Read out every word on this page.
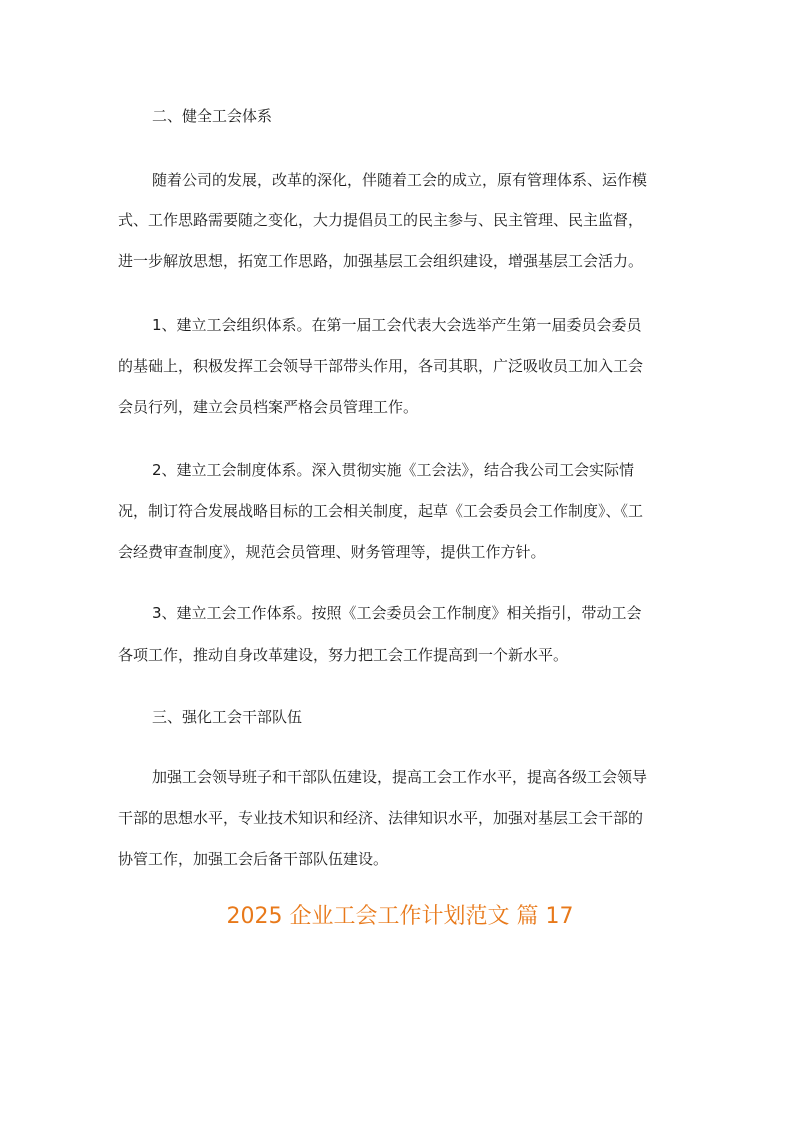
二、健全工会体系
随着公司的发展，改革的深化，伴随着工会的成立，原有管理体系、运作模
式、工作思路需要随之变化，大力提倡员工的民主参与、民主管理、民主监督，
进一步解放思想，拓宽工作思路，加强基层工会组织建设，增强基层工会活力。
1、建立工会组织体系。在第一届工会代表大会选举产生第一届委员会委员
的基础上，积极发挥工会领导干部带头作用，各司其职，广泛吸收员工加入工会
会员行列，建立会员档案严格会员管理工作。
2、建立工会制度体系。深入贯彻实施《工会法》，结合我公司工会实际情
况，制订符合发展战略目标的工会相关制度，起草《工会委员会工作制度》、《工
会经费审查制度》，规范会员管理、财务管理等，提供工作方针。
3、建立工会工作体系。按照《工会委员会工作制度》相关指引，带动工会
各项工作，推动自身改革建设，努力把工会工作提高到一个新水平。
三、强化工会干部队伍
加强工会领导班子和干部队伍建设，提高工会工作水平，提高各级工会领导
干部的思想水平，专业技术知识和经济、法律知识水平，加强对基层工会干部的
协管工作，加强工会后备干部队伍建设。
2025 企业工会工作计划范文 篇 17
